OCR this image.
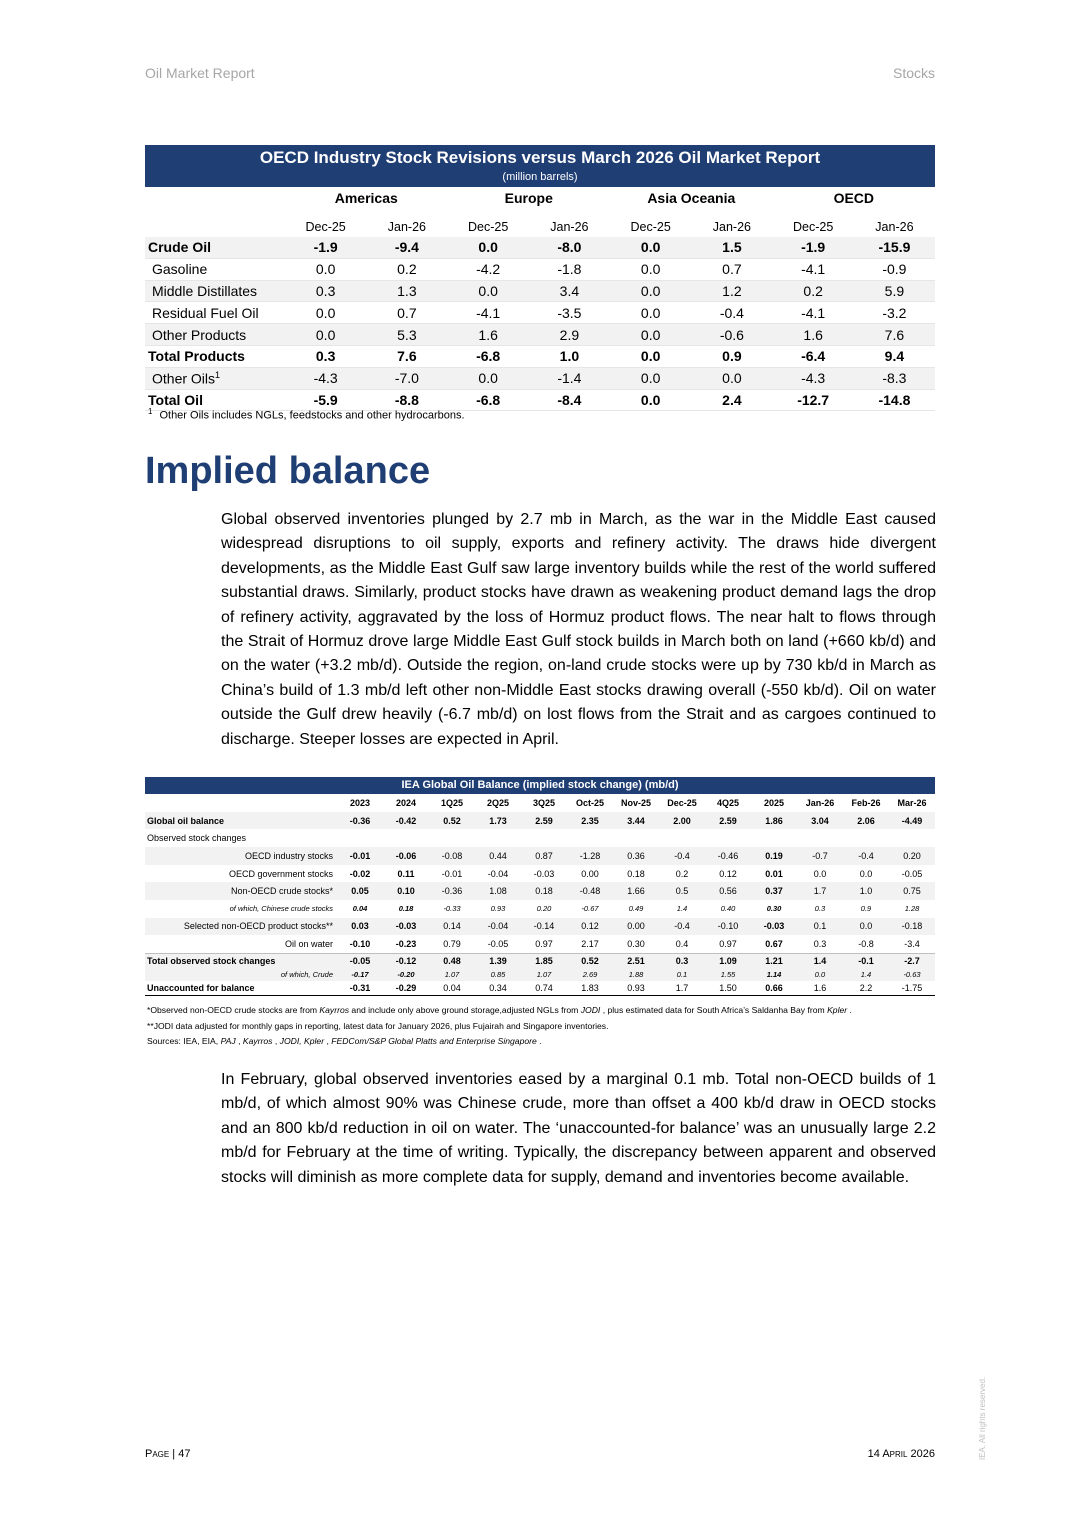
Oil Market Report	Stocks
OECD Industry Stock Revisions versus March 2026 Oil Market Report
(million barrels)
	Americas		Europe		Asia Oceania		OECD	

	Dec-25	Jan-26	Dec-25	Jan-26	Dec-25	Jan-26	Dec-25	Jan-26
Crude Oil	-1.9	-9.4	0.0	-8.0	0.0	1.5	-1.9	-15.9
Gasoline	0.0	0.2	-4.2	-1.8	0.0	0.7	-4.1	-0.9
Middle Distillates	0.3	1.3	0.0	3.4	0.0	1.2	0.2	5.9
Residual Fuel Oil	0.0	0.7	-4.1	-3.5	0.0	-0.4	-4.1	-3.2
Other Products	0.0	5.3	1.6	2.9	0.0	-0.6	1.6	7.6
Total Products	0.3	7.6	-6.8	1.0	0.0	0.9	-6.4	9.4
Other Oils$^1$	-4.3	-7.0	0.0	-1.4	0.0	0.0	-4.3	-8.3
Total Oil	-5.9	-8.8	-6.8	-8.4	0.0	2.4	-12.7	-14.8
$^1$ Other Oils includes NGLs, feedstocks and other hydrocarbons.
Implied balance

Global observed inventories plunged by 2.7 mb in March, as the war in the Middle East caused widespread disruptions to oil supply, exports and refinery activity. The draws hide divergent developments, as the Middle East Gulf saw large inventory builds while the rest of the world suffered substantial draws. Similarly, product stocks have drawn as weakening product demand lags the drop of refinery activity, aggravated by the loss of Hormuz product flows. The near halt to flows through the Strait of Hormuz drove large Middle East Gulf stock builds in March both on land (+660 kb/d) and on the water (+3.2 mb/d). Outside the region, on-land crude stocks were up by 730 kb/d in March as China’s build of 1.3 mb/d left other non-Middle East stocks drawing overall (-550 kb/d). Oil on water outside the Gulf drew heavily (-6.7 mb/d) on lost flows from the Strait and as cargoes continued to discharge. Steeper losses are expected in April.

IEA Global Oil Balance (implied stock change) (mb/d)
	2023	2024	1Q25	2Q25	3Q25	Oct-25	Nov-25	Dec-25	4Q25	2025	Jan-26	Feb-26	Mar-26
Global oil balance	-0.36	-0.42	0.52	1.73	2.59	2.35	3.44	2.00	2.59	1.86	3.04	2.06	-4.49
Observed stock changes													
OECD industry stocks	-0.01	-0.06	-0.08	0.44	0.87	-1.28	0.36	-0.4	-0.46	0.19	-0.7	-0.4	0.20
OECD government stocks	-0.02	0.11	-0.01	-0.04	-0.03	0.00	0.18	0.2	0.12	0.01	0.0	0.0	-0.05
Non-OECD crude stocks*	0.05	0.10	-0.36	1.08	0.18	-0.48	1.66	0.5	0.56	0.37	1.7	1.0	0.75
of which, Chinese crude stocks	0.04	0.18	-0.33	0.93	0.20	-0.67	0.49	1.4	0.40	0.30	0.3	0.9	1.28
Selected non-OECD product stocks**	0.03	-0.03	0.14	-0.04	-0.14	0.12	0.00	-0.4	-0.10	-0.03	0.1	0.0	-0.18
Oil on water	-0.10	-0.23	0.79	-0.05	0.97	2.17	0.30	0.4	0.97	0.67	0.3	-0.8	-3.4
Total observed stock changes	-0.05	-0.12	0.48	1.39	1.85	0.52	2.51	0.3	1.09	1.21	1.4	-0.1	-2.7
of which, Crude	-0.17	-0.20	1.07	0.85	1.07	2.69	1.88	0.1	1.55	1.14	0.0	1.4	-0.63
Unaccounted for balance	-0.31	-0.29	0.04	0.34	0.74	1.83	0.93	1.7	1.50	0.66	1.6	2.2	-1.75
*Observed non-OECD crude stocks are from Kayrros and include only above ground storage,adjusted NGLs from JODI , plus estimated data for South Africa’s Saldanha Bay from Kpler .
**JODI data adjusted for monthly gaps in reporting, latest data for January 2026, plus Fujairah and Singapore inventories.
Sources: IEA, EIA, PAJ , Kayrros , JODI, Kpler , FEDCom/S&P Global Platts and Enterprise Singapore .

In February, global observed inventories eased by a marginal 0.1 mb. Total non-OECD builds of 1 mb/d, of which almost 90% was Chinese crude, more than offset a 400 kb/d draw in OECD stocks and an 800 kb/d reduction in oil on water. The ‘unaccounted-for balance’ was an unusually large 2.2 mb/d for February at the time of writing. Typically, the discrepancy between apparent and observed stocks will diminish as more complete data for supply, demand and inventories become available.

Page | 47	14 April 2026	IEA. All rights reserved.
